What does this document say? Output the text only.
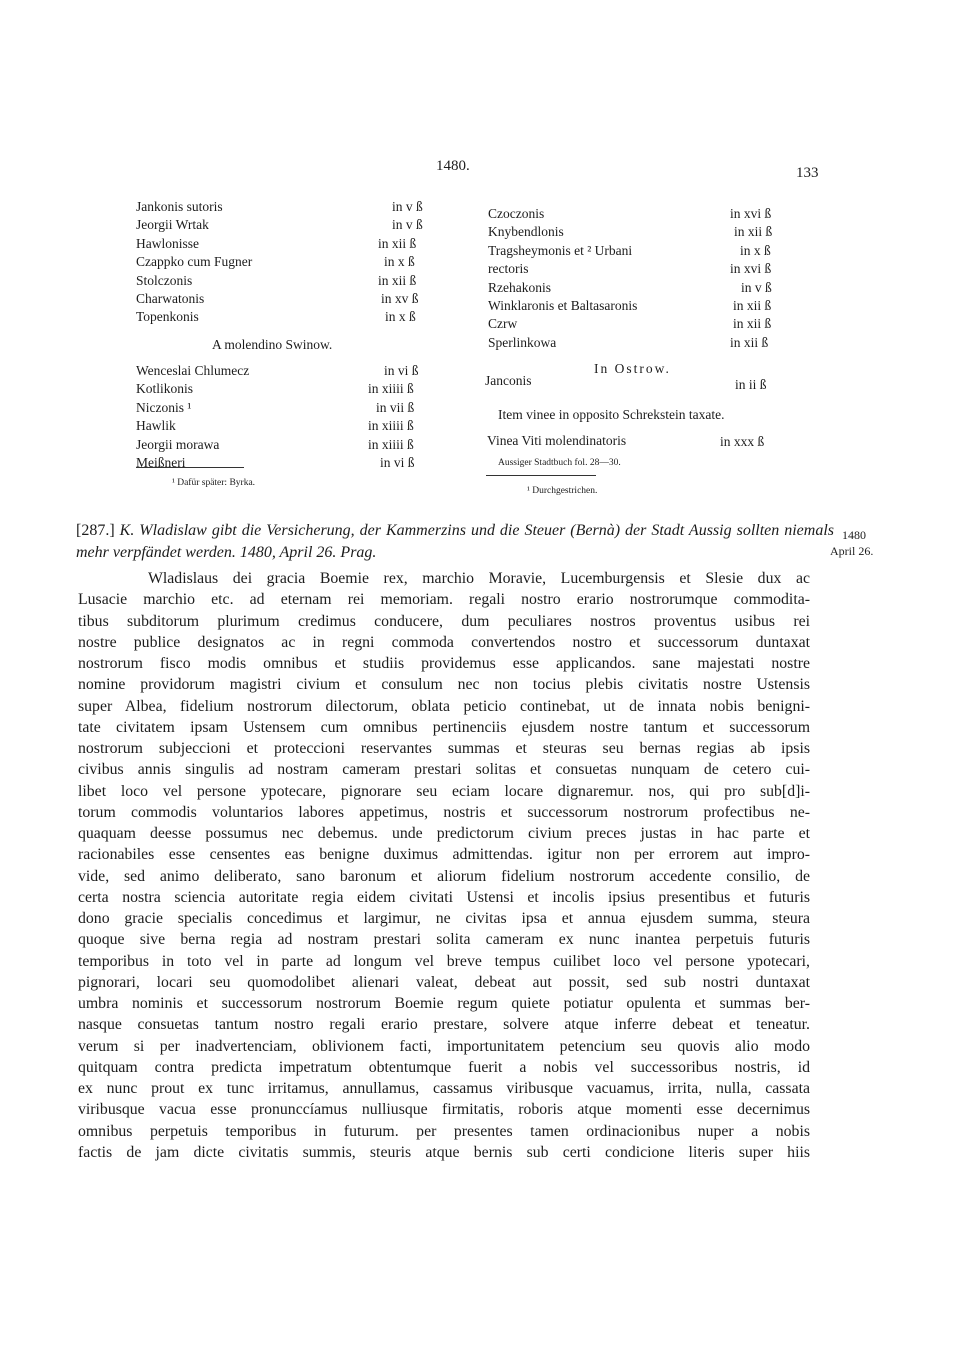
1480.	133
Jankonis sutoris	in v ß
Jeorgii Wrtak	in v ß
Hawlonisse	in xii ß
Czappko cum Fugner	in x ß
Stolczonis	in xii ß
Charwatonis	in xv ß
Topenkonis	in x ß
A molendino Swinow.
Wenceslai Chlumecz	in vi ß
Kotlikonis	in xiiii ß
Niczonis ¹	in vii ß
Hawlik	in xiiii ß
Jeorgii morawa	in xiiii ß
Meißneri	in vi ß
¹ Dafür später: Byrka.
Czoczonis	in xvi ß
Knybendlonis	in xii ß
Tragsheymonis et ² Urbani	in x ß
rectoris	in xvi ß
Rzehakonis	in v ß
Winklaronis et Baltasaronis	in xii ß
Czrw	in xii ß
Sperlinkowa	in xii ß
In Ostrow.
Janconis	in ii ß
Item vinee in opposito Schrekstein taxate.
Vinea Viti molendinatoris	in xxx ß
Aussiger Stadtbuch fol. 28—30.
¹ Durchgestrichen.
[287.] K. Wladislaw gibt die Versicherung, der Kammerzins und die Steuer (Bernà) der Stadt Aussig sollten niemals mehr verpfändet werden. 1480, April 26. Prag.
1480
April 26.
Wladislaus dei gracia Boemie rex, marchio Moravie, Lucemburgensis et Slesie dux ac
Lusacie marchio etc. ad eternam rei memoriam. regali nostro erario nostrorumque commodita-
tibus subditorum plurimum credimus conducere, dum peculiares nostros proventus usibus rei
nostre publice designatos ac in regni commoda convertendos nostro et successorum duntaxat
nostrorum fisco modis omnibus et studiis providemus esse applicandos. sane majestati nostre
nomine providorum magistri civium et consulum nec non tocius plebis civitatis nostre Ustensis
super Albea, fidelium nostrorum dilectorum, oblata peticio continebat, ut de innata nobis benigni-
tate civitatem ipsam Ustensem cum omnibus pertinenciis ejusdem nostre tantum et successorum
nostrorum subjeccioni et proteccioni reservantes summas et steuras seu bernas regias ab ipsis
civibus annis singulis ad nostram cameram prestari solitas et consuetas nunquam de cetero cui-
libet loco vel persone ypotecare, pignorare seu eciam locare dignaremur. nos, qui pro sub[d]i-
torum commodis voluntarios labores appetimus, nostris et successorum nostrorum profectibus ne-
quaquam deesse possumus nec debemus. unde predictorum civium preces justas in hac parte et
racionabiles esse censentes eas benigne duximus admittendas. igitur non per errorem aut impro-
vide, sed animo deliberato, sano baronum et aliorum fidelium nostrorum accedente consilio, de
certa nostra sciencia autoritate regia eidem civitati Ustensi et incolis ipsius presentibus et futuris
dono gracie specialis concedimus et largimur, ne civitas ipsa et annua ejusdem summa, steura
quoque sive berna regia ad nostram prestari solita cameram ex nunc inantea perpetuis futuris
temporibus in toto vel in parte ad longum vel breve tempus cuilibet loco vel persone ypotecari,
pignorari, locari seu quomodolibet alienari valeat, debeat aut possit, sed sub nostri duntaxat
umbra nominis et successorum nostrorum Boemie regum quiete potiatur opulenta et summas ber-
nasque consuetas tantum nostro regali erario prestare, solvere atque inferre debeat et teneatur.
verum si per inadvertenciam, oblivionem facti, importunitatem petencium seu quovis alio modo
quitquam contra predicta impetratum obtentumque fuerit a nobis vel successoribus nostris, id
ex nunc prout ex tunc irritamus, annullamus, cassamus viribusque vacuamus, irrita, nulla, cassata
viribusque vacua esse pronunccíamus nulliusque firmitatis, roboris atque momenti esse decernimus
omnibus perpetuis temporibus in futurum. per presentes tamen ordinacionibus nuper a nobis
factis de jam dicte civitatis summis, steuris atque bernis sub certi condicione literis super hiis
